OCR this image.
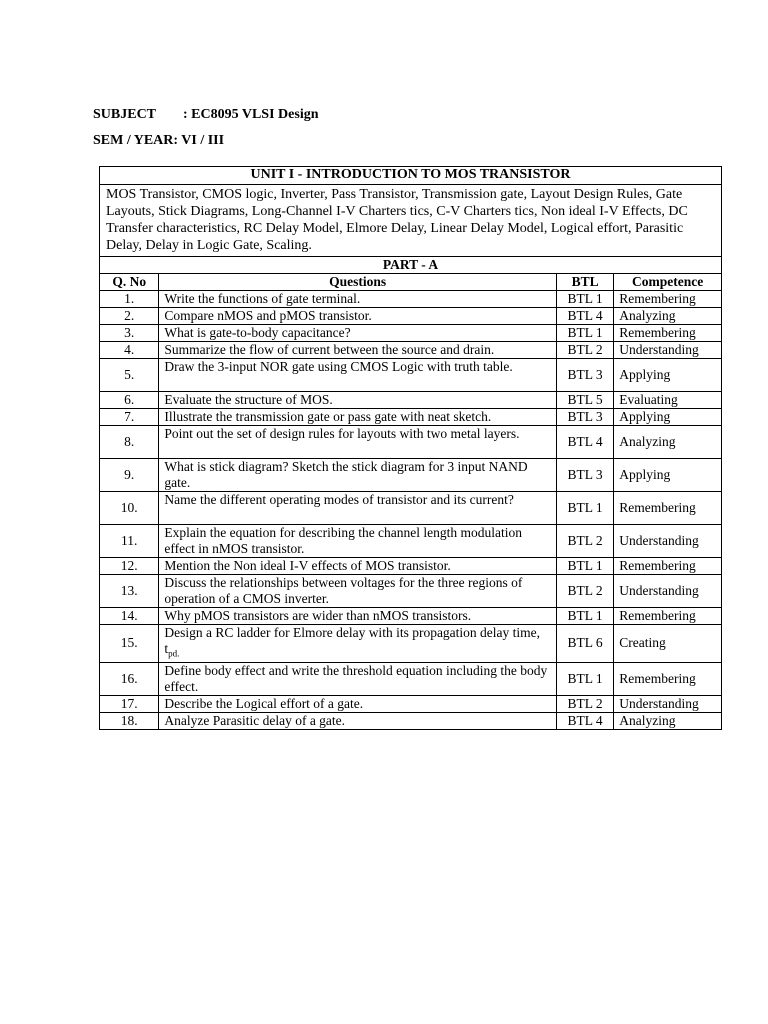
SUBJECT : EC8095 VLSI Design
SEM / YEAR: VI / III
UNIT I - INTRODUCTION TO MOS TRANSISTOR			
MOS Transistor, CMOS logic, Inverter, Pass Transistor, Transmission gate, Layout Design Rules, Gate Layouts, Stick Diagrams, Long-Channel I-V Charters tics, C-V Charters tics, Non ideal I-V Effects, DC Transfer characteristics, RC Delay Model, Elmore Delay, Linear Delay Model, Logical effort, Parasitic Delay, Delay in Logic Gate, Scaling.			
PART - A			
Q. No	Questions	BTL	Competence
1.	Write the functions of gate terminal.	BTL 1	Remembering
2.	Compare nMOS and pMOS transistor.	BTL 4	Analyzing
3.	What is gate-to-body capacitance?	BTL 1	Remembering
4.	Summarize the flow of current between the source and drain.	BTL 2	Understanding
5.	Draw the 3-input NOR gate using CMOS Logic with truth table.	BTL 3	Applying
6.	Evaluate the structure of MOS.	BTL 5	Evaluating
7.	Illustrate the transmission gate or pass gate with neat sketch.	BTL 3	Applying
8.	Point out the set of design rules for layouts with two metal layers.	BTL 4	Analyzing
9.	What is stick diagram? Sketch the stick diagram for 3 input NAND gate.	BTL 3	Applying
10.	Name the different operating modes of transistor and its current?	BTL 1	Remembering
11.	Explain the equation for describing the channel length modulation effect in nMOS transistor.	BTL 2	Understanding
12.	Mention the Non ideal I-V effects of MOS transistor.	BTL 1	Remembering
13.	Discuss the relationships between voltages for the three regions of operation of a CMOS inverter.	BTL 2	Understanding
14.	Why pMOS transistors are wider than nMOS transistors.	BTL 1	Remembering
15.	Design a RC ladder for Elmore delay with its propagation delay time, $t_{pd.}$	BTL 6	Creating
16.	Define body effect and write the threshold equation including the body effect.	BTL 1	Remembering
17.	Describe the Logical effort of a gate.	BTL 2	Understanding
18.	Analyze Parasitic delay of a gate.	BTL 4	Analyzing
